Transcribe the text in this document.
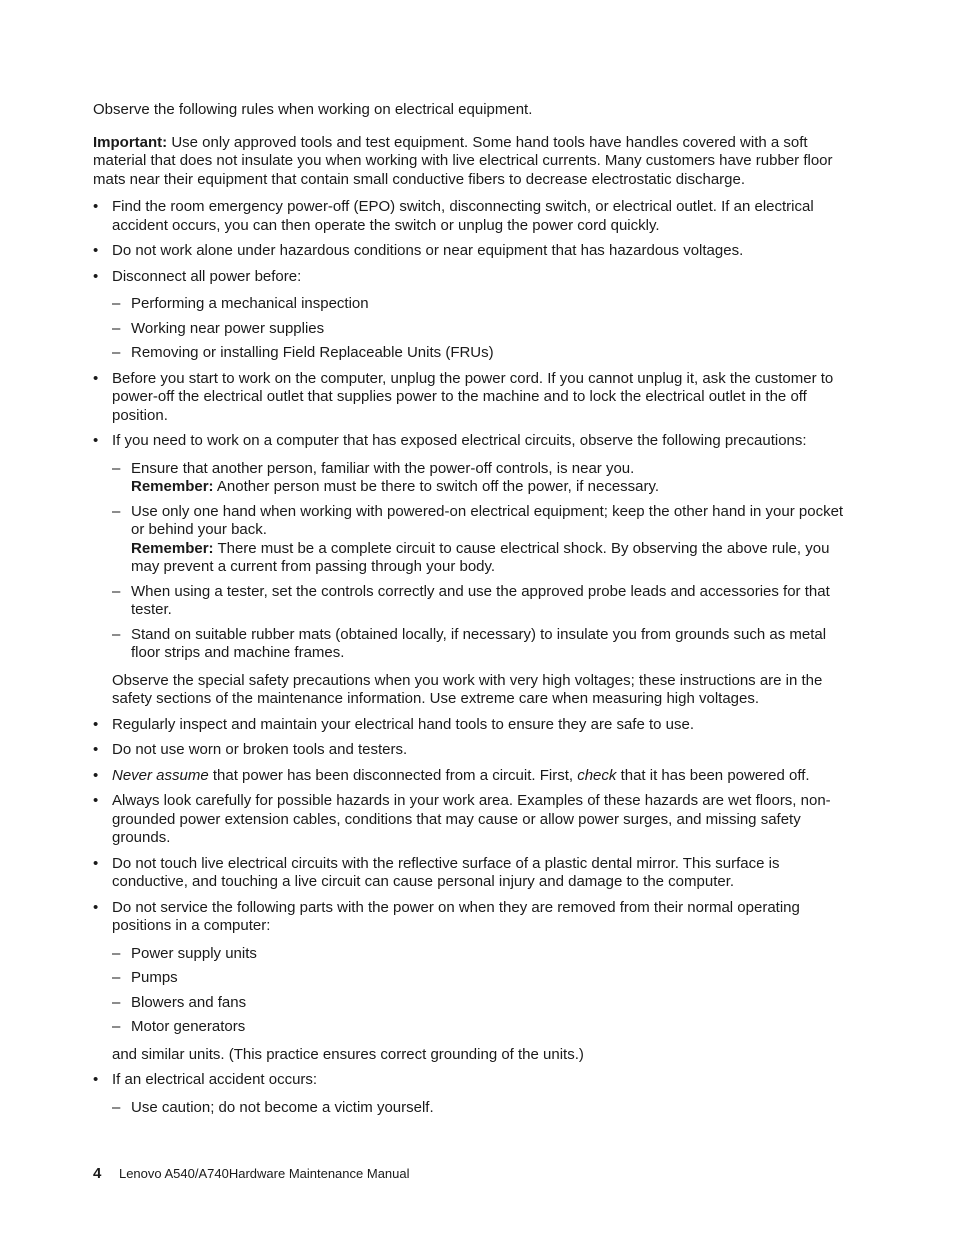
Observe the following rules when working on electrical equipment.

Important: Use only approved tools and test equipment. Some hand tools have handles covered with a soft material that does not insulate you when working with live electrical currents. Many customers have rubber floor mats near their equipment that contain small conductive fibers to decrease electrostatic discharge.

• Find the room emergency power-off (EPO) switch, disconnecting switch, or electrical outlet. If an electrical accident occurs, you can then operate the switch or unplug the power cord quickly.
• Do not work alone under hazardous conditions or near equipment that has hazardous voltages.
• Disconnect all power before:
– Performing a mechanical inspection
– Working near power supplies
– Removing or installing Field Replaceable Units (FRUs)
• Before you start to work on the computer, unplug the power cord. If you cannot unplug it, ask the customer to power-off the electrical outlet that supplies power to the machine and to lock the electrical outlet in the off position.
• If you need to work on a computer that has exposed electrical circuits, observe the following precautions:
– Ensure that another person, familiar with the power-off controls, is near you.
Remember: Another person must be there to switch off the power, if necessary.
– Use only one hand when working with powered-on electrical equipment; keep the other hand in your pocket or behind your back.
Remember: There must be a complete circuit to cause electrical shock. By observing the above rule, you may prevent a current from passing through your body.
– When using a tester, set the controls correctly and use the approved probe leads and accessories for that tester.
– Stand on suitable rubber mats (obtained locally, if necessary) to insulate you from grounds such as metal floor strips and machine frames.

Observe the special safety precautions when you work with very high voltages; these instructions are in the safety sections of the maintenance information. Use extreme care when measuring high voltages.

• Regularly inspect and maintain your electrical hand tools to ensure they are safe to use.
• Do not use worn or broken tools and testers.
• Never assume that power has been disconnected from a circuit. First, check that it has been powered off.
• Always look carefully for possible hazards in your work area. Examples of these hazards are wet floors, non-grounded power extension cables, conditions that may cause or allow power surges, and missing safety grounds.
• Do not touch live electrical circuits with the reflective surface of a plastic dental mirror. This surface is conductive, and touching a live circuit can cause personal injury and damage to the computer.
• Do not service the following parts with the power on when they are removed from their normal operating positions in a computer:
– Power supply units
– Pumps
– Blowers and fans
– Motor generators

and similar units. (This practice ensures correct grounding of the units.)

• If an electrical accident occurs:
– Use caution; do not become a victim yourself.
4 Lenovo A540/A740Hardware Maintenance Manual
